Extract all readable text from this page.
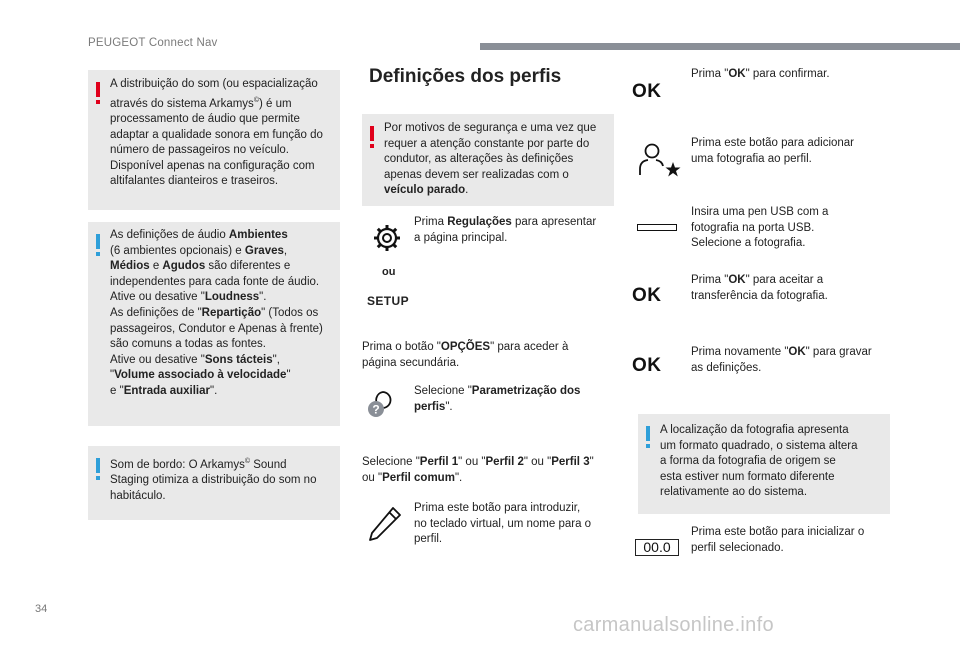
PEUGEOT Connect Nav
A distribuição do som (ou espacialização
através do sistema Arkamys©) é um
processamento de áudio que permite
adaptar a qualidade sonora em função do
número de passageiros no veículo.
Disponível apenas na configuração com
altifalantes dianteiros e traseiros.
As definições de áudio Ambientes
(6 ambientes opcionais) e Graves,
Médios e Agudos são diferentes e
independentes para cada fonte de áudio.
Ative ou desative "Loudness".
As definições de "Repartição" (Todos os
passageiros, Condutor e Apenas à frente)
são comuns a todas as fontes.
Ative ou desative "Sons tácteis",
"Volume associado à velocidade"
e "Entrada auxiliar".
Som de bordo: O Arkamys© Sound
Staging otimiza a distribuição do som no
habitáculo.
Definições dos perfis
Por motivos de segurança e uma vez que
requer a atenção constante por parte do
condutor, as alterações às definições
apenas devem ser realizadas com o
veículo parado.
ou
SETUP
Prima Regulações para apresentar
a página principal.
Prima o botão "OPÇÕES" para aceder à
página secundária.
?
Selecione "Parametrização dos
perfis".
Selecione "Perfil 1" ou "Perfil 2" ou "Perfil 3"
ou "Perfil comum".
Prima este botão para introduzir,
no teclado virtual, um nome para o
perfil.
OK
Prima "OK" para confirmar.
Prima este botão para adicionar
uma fotografia ao perfil.
Insira uma pen USB com a
fotografia na porta USB.
Selecione a fotografia.
OK
Prima "OK" para aceitar a
transferência da fotografia.
OK
Prima novamente "OK" para gravar
as definições.
A localização da fotografia apresenta
um formato quadrado, o sistema altera
a forma da fotografia de origem se
esta estiver num formato diferente
relativamente ao do sistema.
00.0
Prima este botão para inicializar o
perfil selecionado.
34
carmanualsonline.info
